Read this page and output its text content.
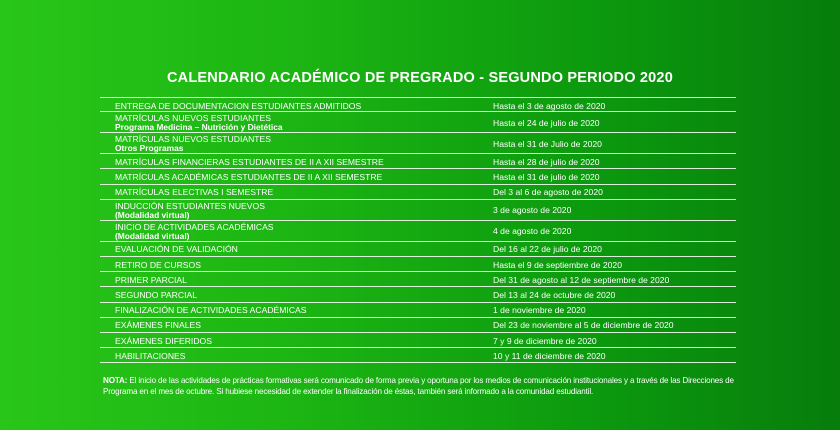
CALENDARIO ACADÉMICO DE PREGRADO - SEGUNDO PERIODO 2020
ENTREGA DE DOCUMENTACION ESTUDIANTES ADMITIDOS	Hasta el 3 de agosto de 2020
MATRÍCULAS NUEVOS ESTUDIANTES
Programa Medicina – Nutrición y Dietética	Hasta el 24 de julio de 2020
MATRÍCULAS NUEVOS ESTUDIANTES
Otros Programas	Hasta el 31 de Julio de 2020
MATRÍCULAS FINANCIERAS ESTUDIANTES DE II A XII SEMESTRE	Hasta el 28 de julio de 2020
MATRÍCULAS ACADÉMICAS ESTUDIANTES DE II A XII SEMESTRE	Hasta el 31 de julio de 2020
MATRÍCULAS ELECTIVAS I SEMESTRE	Del 3 al 6 de agosto de 2020
INDUCCIÓN ESTUDIANTES NUEVOS
(Modalidad virtual)	3 de agosto de 2020
INICIO DE ACTIVIDADES ACADÉMICAS
(Modalidad virtual)	4 de agosto de 2020
EVALUACIÓN DE VALIDACIÓN	Del 16 al 22 de julio de 2020
RETIRO DE CURSOS	Hasta el 9 de septiembre de 2020
PRIMER PARCIAL	Del 31 de agosto al 12 de septiembre de 2020
SEGUNDO PARCIAL	Del 13 al 24 de octubre de 2020
FINALIZACIÓN DE ACTIVIDADES ACADÉMICAS	1 de noviembre de 2020
EXÁMENES FINALES	Del 23 de noviembre al 5 de diciembre de 2020
EXÁMENES DIFERIDOS	7 y 9 de diciembre de 2020
HABILITACIONES	10 y 11 de diciembre de 2020
NOTA: El inicio de las actividades de prácticas formativas será comunicado de forma previa y oportuna por los medios de comunicación institucionales y a través de las Direcciones de Programa en el mes de octubre. Si hubiese necesidad de extender la finalización de éstas, también será informado a la comunidad estudiantil.
